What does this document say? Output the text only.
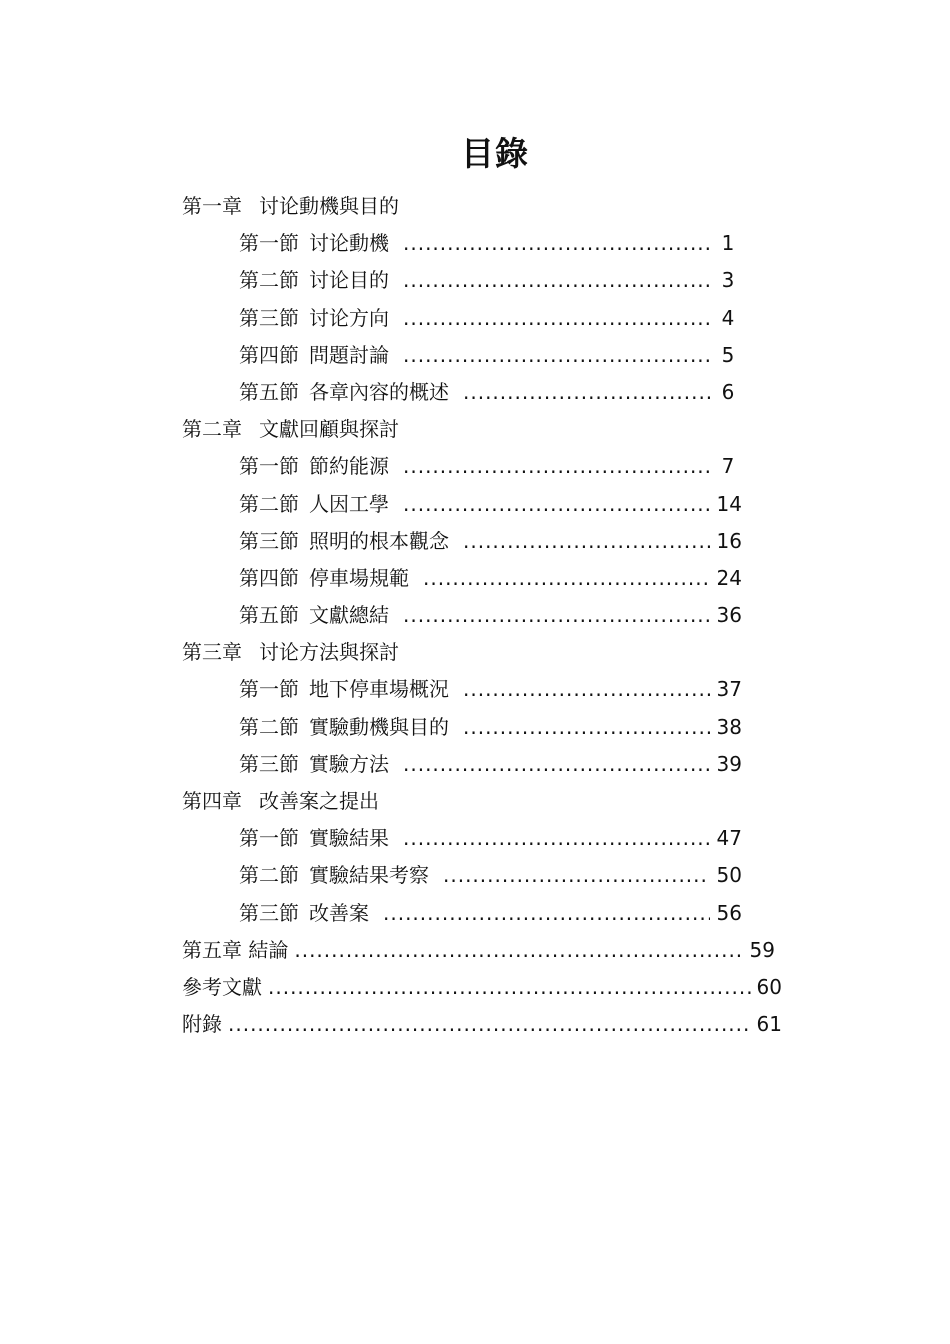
目錄
第一章 讨论動機與目的
第一節 讨论動機 .....	1
第二節 讨论目的 .....	3
第三節 讨论方向 .....	4
第四節 問題討論 .....	5
第五節 各章內容的概述 .....	6
第二章 文獻回顧與探討
第一節 節約能源 .....	7
第二節 人因工學 .....	14
第三節 照明的根本觀念 .....	16
第四節 停車場規範 .....	24
第五節 文獻總結 .....	36
第三章 讨论方法與探討
第一節 地下停車場概況 .....	37
第二節 實驗動機與目的 .....	38
第三節 實驗方法 .....	39
第四章 改善案之提出
第一節 實驗結果 .....	47
第二節 實驗結果考察 .....	50
第三節 改善案 .....	56
第五章 結論 .....	59
參考文獻 .....	60
附錄 .....	61
